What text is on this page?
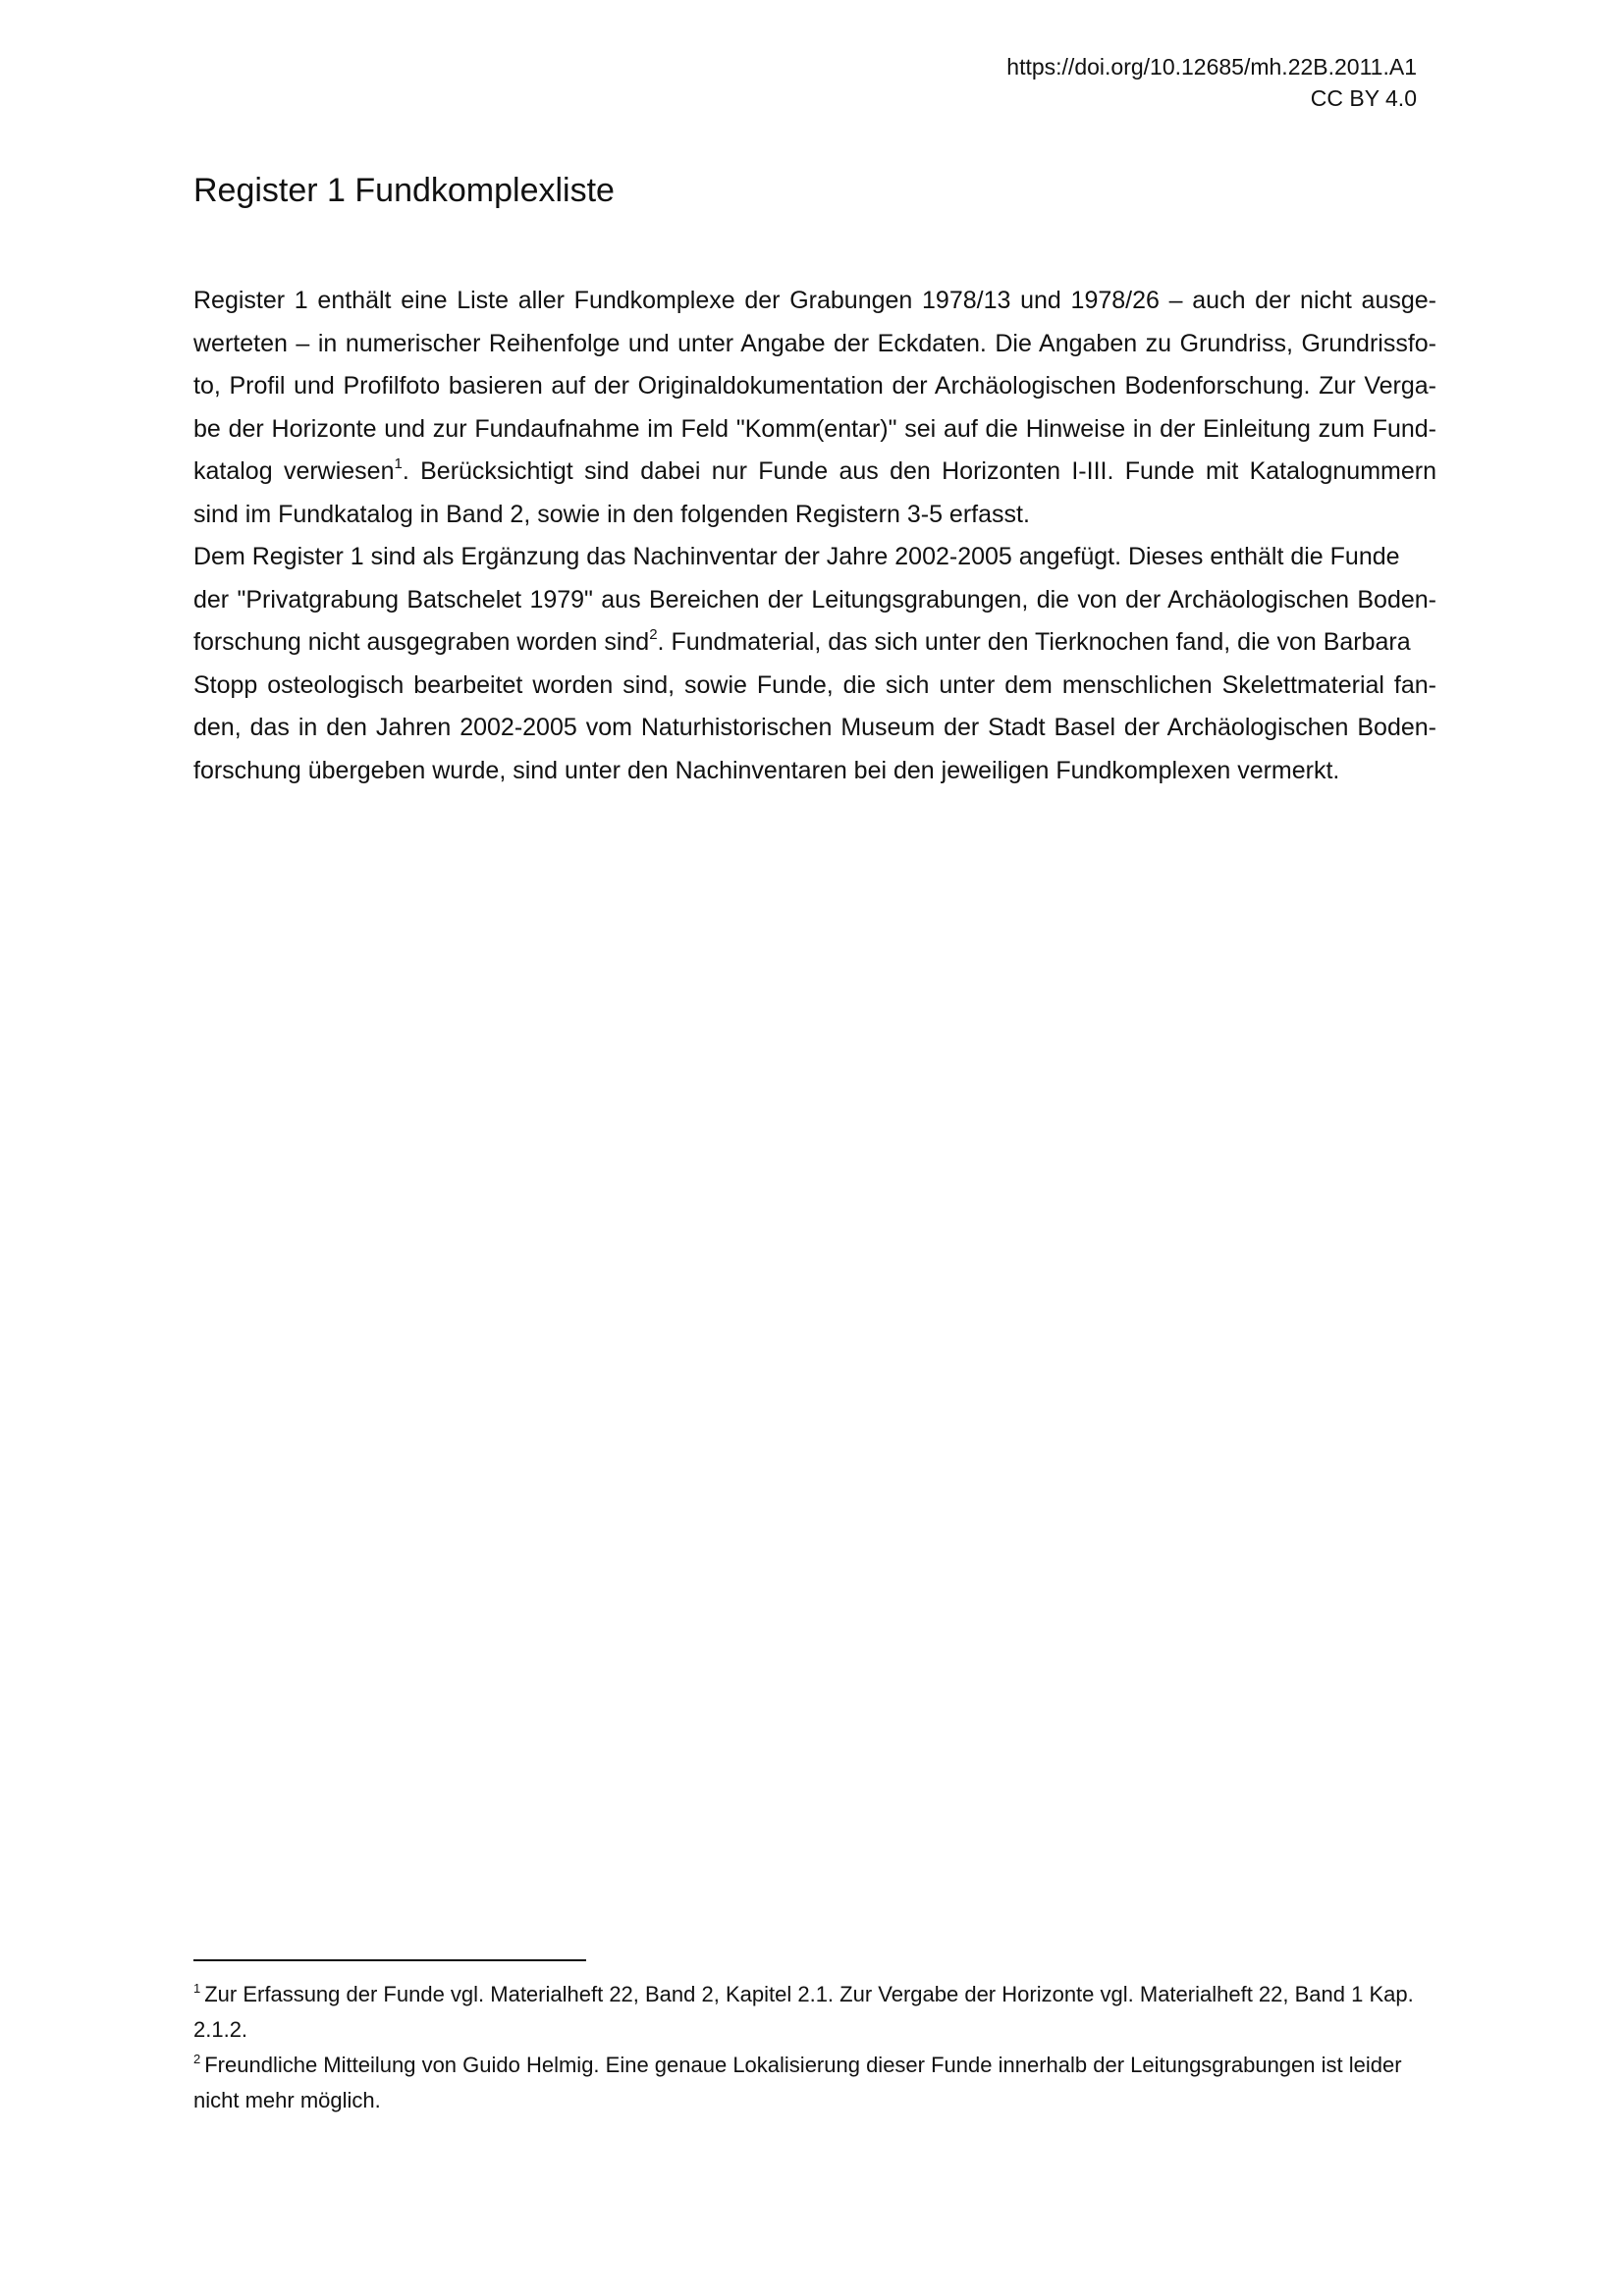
https://doi.org/10.12685/mh.22B.2011.A1
CC BY 4.0
Register 1 Fundkomplexliste

Register 1 enthält eine Liste aller Fundkomplexe der Grabungen 1978/13 und 1978/26 – auch der nicht ausge-
werteten – in numerischer Reihenfolge und unter Angabe der Eckdaten. Die Angaben zu Grundriss, Grundrissfo-
to, Profil und Profilfoto basieren auf der Originaldokumentation der Archäologischen Bodenforschung. Zur Verga-
be der Horizonte und zur Fundaufnahme im Feld "Komm(entar)" sei auf die Hinweise in der Einleitung zum Fund-
katalog verwiesen$^1$. Berücksichtigt sind dabei nur Funde aus den Horizonten I-III. Funde mit Katalognummern
sind im Fundkatalog in Band 2, sowie in den folgenden Registern 3-5 erfasst.

Dem Register 1 sind als Ergänzung das Nachinventar der Jahre 2002-2005 angefügt. Dieses enthält die Funde
der "Privatgrabung Batschelet 1979" aus Bereichen der Leitungsgrabungen, die von der Archäologischen Boden-
forschung nicht ausgegraben worden sind$^2$. Fundmaterial, das sich unter den Tierknochen fand, die von Barbara
Stopp osteologisch bearbeitet worden sind, sowie Funde, die sich unter dem menschlichen Skelettmaterial fan-
den, das in den Jahren 2002-2005 vom Naturhistorischen Museum der Stadt Basel der Archäologischen Boden-
forschung übergeben wurde, sind unter den Nachinventaren bei den jeweiligen Fundkomplexen vermerkt.

$^1$ Zur Erfassung der Funde vgl. Materialheft 22, Band 2, Kapitel 2.1. Zur Vergabe der Horizonte vgl. Materialheft 22, Band 1 Kap.
2.1.2.
$^2$ Freundliche Mitteilung von Guido Helmig. Eine genaue Lokalisierung dieser Funde innerhalb der Leitungsgrabungen ist leider
nicht mehr möglich.
